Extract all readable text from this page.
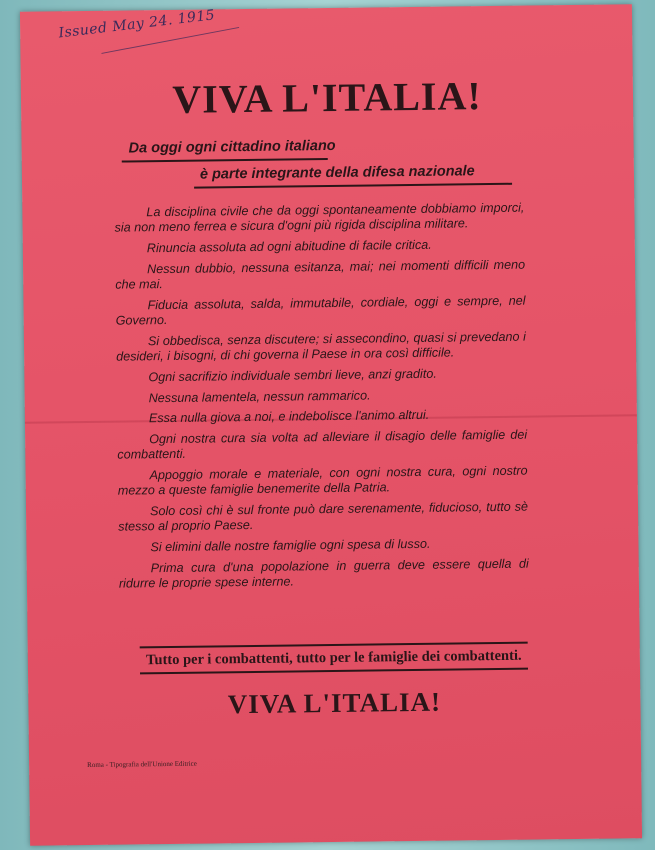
Issued May 24. 1915
VIVA L'ITALIA!
Da oggi ogni cittadino italiano
è parte integrante della difesa nazionale

La disciplina civile che da oggi spontaneamente dobbiamo imporci, sia non meno ferrea e sicura d'ogni più rigida disciplina militare.

Rinuncia assoluta ad ogni abitudine di facile critica.

Nessun dubbio, nessuna esitanza, mai; nei momenti difficili meno che mai.

Fiducia assoluta, salda, immutabile, cordiale, oggi e sempre, nel Governo.

Si obbedisca, senza discutere; si assecondino, quasi si prevedano i desideri, i bisogni, di chi governa il Paese in ora così difficile.

Ogni sacrifizio individuale sembri lieve, anzi gradito.

Nessuna lamentela, nessun rammarico.

Essa nulla giova a noi, e indebolisce l'animo altrui.

Ogni nostra cura sia volta ad alleviare il disagio delle famiglie dei combattenti.

Appoggio morale e materiale, con ogni nostra cura, ogni nostro mezzo a queste famiglie benemerite della Patria.

Solo così chi è sul fronte può dare serenamente, fiducioso, tutto sè stesso al proprio Paese.

Si elimini dalle nostre famiglie ogni spesa di lusso.

Prima cura d'una popolazione in guerra deve essere quella di ridurre le proprie spese interne.

Tutto per i combattenti, tutto per le famiglie dei combattenti.
VIVA L'ITALIA!
Roma - Tipografia dell'Unione Editrice
